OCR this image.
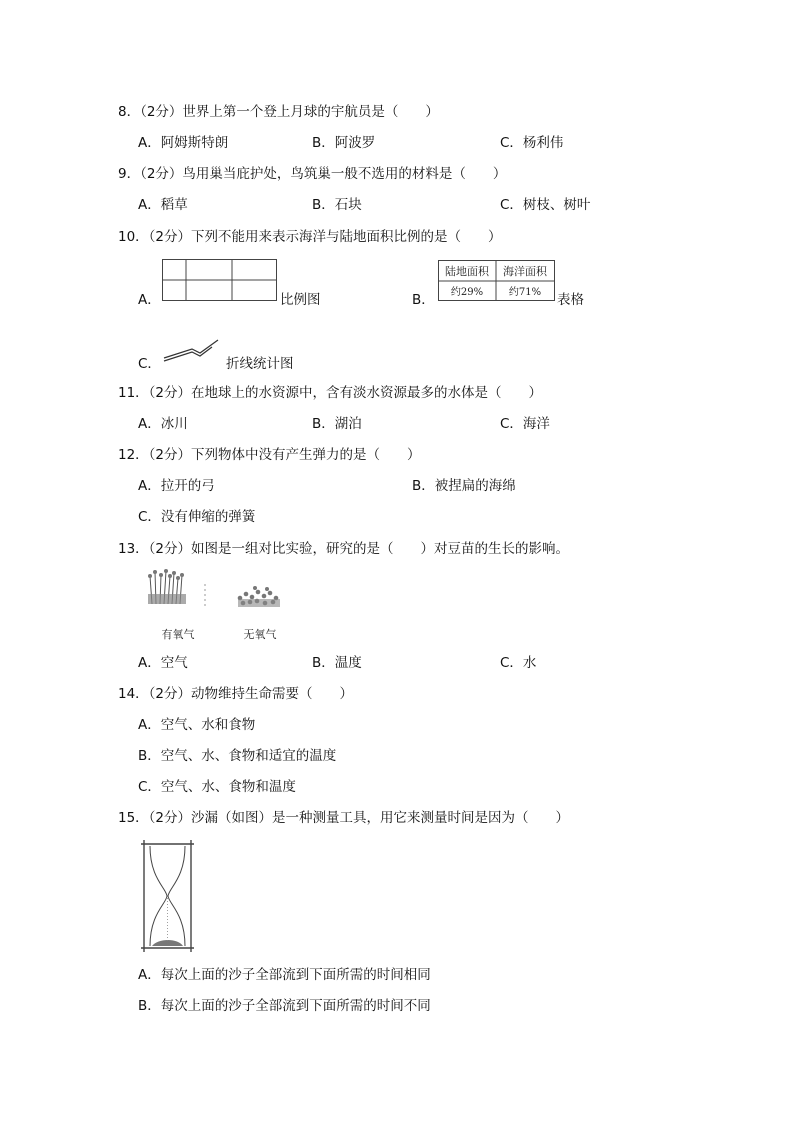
8．（2分）世界上第一个登上月球的宇航员是（　　）
A．阿姆斯特朗	B．阿波罗	C．杨利伟
9．（2分）鸟用巢当庇护处，鸟筑巢一般不选用的材料是（　　）
A．稻草	B．石块	C．树枝、树叶
10．（2分）下列不能用来表示海洋与陆地面积比例的是（　　）
A．	比例图	B．
陆地面积 海洋面积
约29%	约71% 表格
C．	折线统计图
11．（2分）在地球上的水资源中，含有淡水资源最多的水体是（　　）
A．冰川	B．湖泊	C．海洋
12．（2分）下列物体中没有产生弹力的是（　　）
A．拉开的弓	B．被捏扁的海绵
C．没有伸缩的弹簧
13．（2分）如图是一组对比实验，研究的是（　　）对豆苗的生长的影响。
有氧气	无氧气
A．空气	B．温度	C．水
14．（2分）动物维持生命需要（　　）
A．空气、水和食物
B．空气、水、食物和适宜的温度
C．空气、水、食物和温度
15．（2分）沙漏（如图）是一种测量工具，用它来测量时间是因为（　　）
A．每次上面的沙子全部流到下面所需的时间相同
B．每次上面的沙子全部流到下面所需的时间不同
